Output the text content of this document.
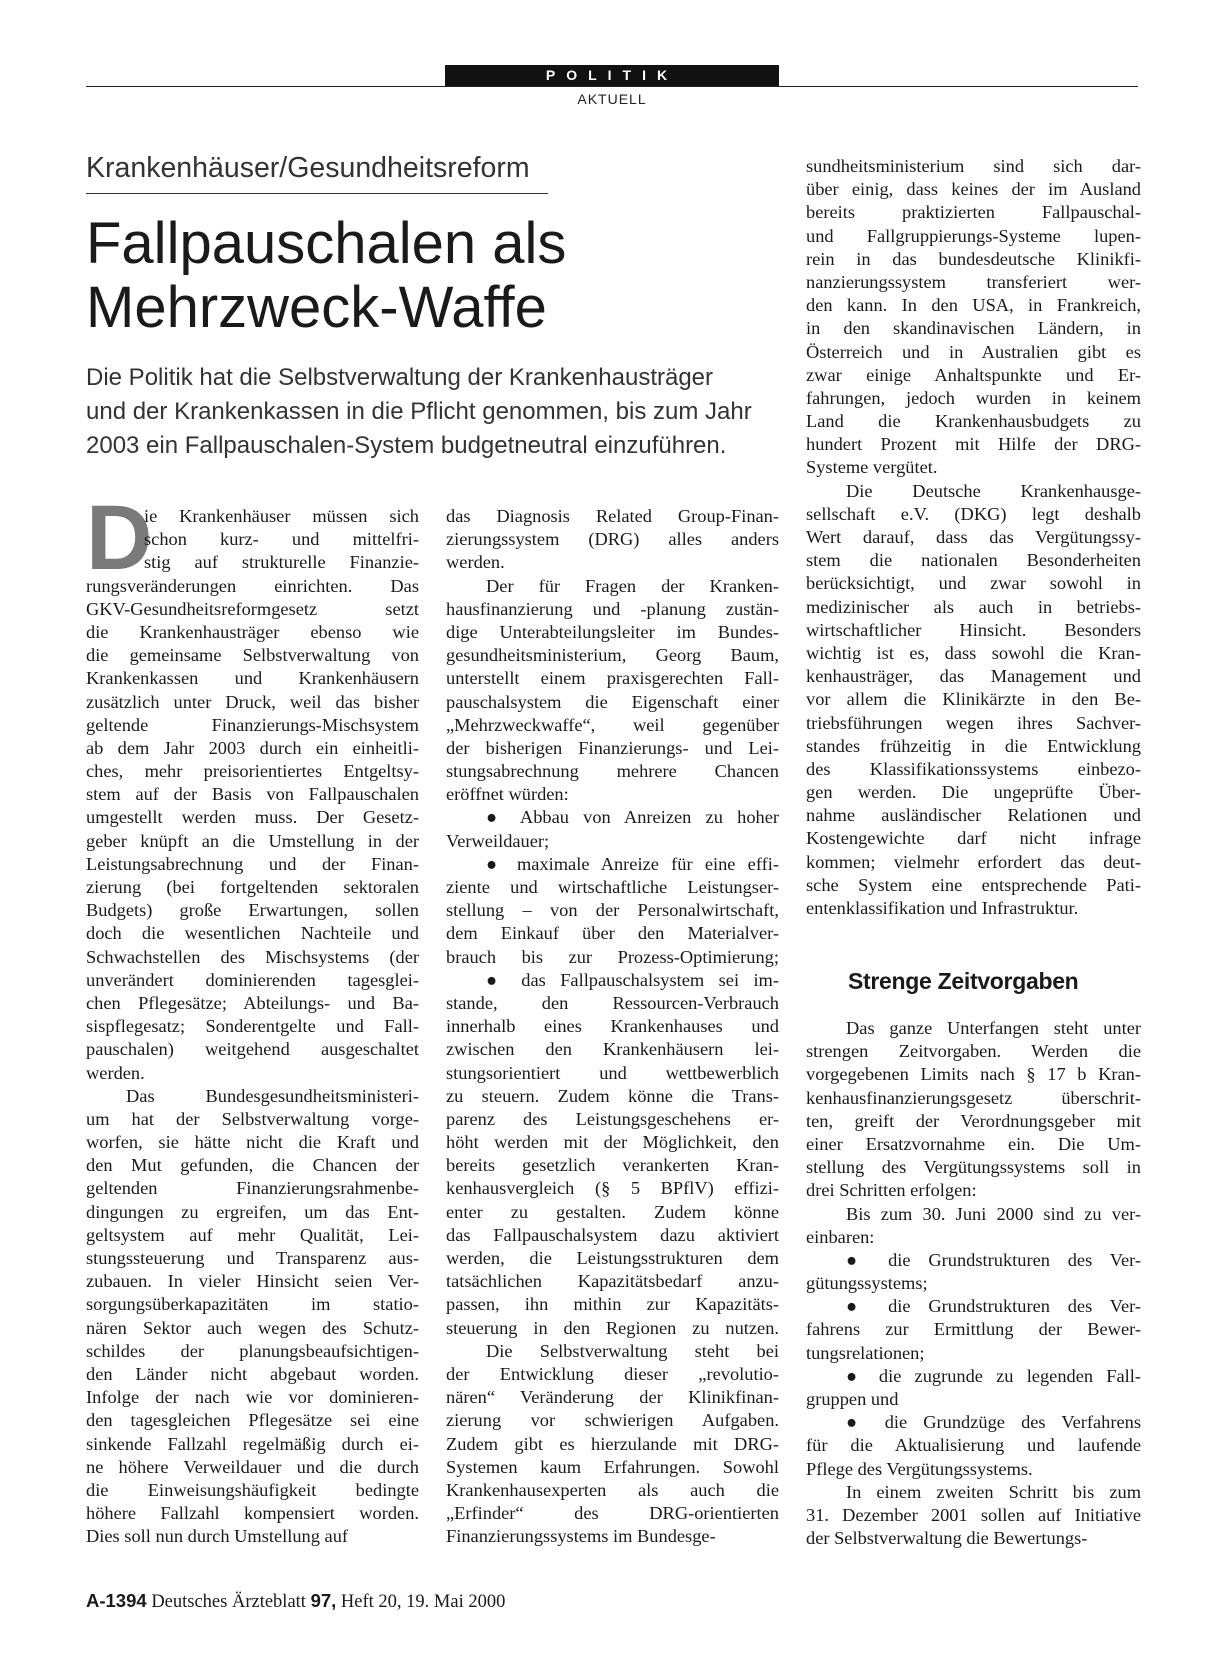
POLITIK
AKTUELL
Krankenhäuser/Gesundheitsreform
Fallpauschalen als
Mehrzweck-Waffe
Die Politik hat die Selbstverwaltung der Krankenhausträger
und der Krankenkassen in die Pflicht genommen, bis zum Jahr
2003 ein Fallpauschalen-System budgetneutral einzuführen.
D
ie Krankenhäuser müssen sich
schon kurz- und mittelfri-
stig auf strukturelle Finanzie-
rungsveränderungen einrichten. Das
GKV-Gesundheitsreformgesetz setzt
die Krankenhausträger ebenso wie
die gemeinsame Selbstverwaltung von
Krankenkassen und Krankenhäusern
zusätzlich unter Druck, weil das bisher
geltende Finanzierungs-Mischsystem
ab dem Jahr 2003 durch ein einheitli-
ches, mehr preisorientiertes Entgeltsy-
stem auf der Basis von Fallpauschalen
umgestellt werden muss. Der Gesetz-
geber knüpft an die Umstellung in der
Leistungsabrechnung und der Finan-
zierung (bei fortgeltenden sektoralen
Budgets) große Erwartungen, sollen
doch die wesentlichen Nachteile und
Schwachstellen des Mischsystems (der
unverändert dominierenden tagesglei-
chen Pflegesätze; Abteilungs- und Ba-
sispflegesatz; Sonderentgelte und Fall-
pauschalen) weitgehend ausgeschaltet
werden.
Das Bundesgesundheitsministeri-
um hat der Selbstverwaltung vorge-
worfen, sie hätte nicht die Kraft und
den Mut gefunden, die Chancen der
geltenden Finanzierungsrahmenbe-
dingungen zu ergreifen, um das Ent-
geltsystem auf mehr Qualität, Lei-
stungssteuerung und Transparenz aus-
zubauen. In vieler Hinsicht seien Ver-
sorgungsüberkapazitäten im statio-
nären Sektor auch wegen des Schutz-
schildes der planungsbeaufsichtigen-
den Länder nicht abgebaut worden.
Infolge der nach wie vor dominieren-
den tagesgleichen Pflegesätze sei eine
sinkende Fallzahl regelmäßig durch ei-
ne höhere Verweildauer und die durch
die Einweisungshäufigkeit bedingte
höhere Fallzahl kompensiert worden.
Dies soll nun durch Umstellung auf
das Diagnosis Related Group-Finan-
zierungssystem (DRG) alles anders
werden.
Der für Fragen der Kranken-
hausfinanzierung und -planung zustän-
dige Unterabteilungsleiter im Bundes-
gesundheitsministerium, Georg Baum,
unterstellt einem praxisgerechten Fall-
pauschalsystem die Eigenschaft einer
„Mehrzweckwaffe“, weil gegenüber
der bisherigen Finanzierungs- und Lei-
stungsabrechnung mehrere Chancen
eröffnet würden:
● Abbau von Anreizen zu hoher
Verweildauer;
● maximale Anreize für eine effi-
ziente und wirtschaftliche Leistungser-
stellung – von der Personalwirtschaft,
dem Einkauf über den Materialver-
brauch bis zur Prozess-Optimierung;
● das Fallpauschalsystem sei im-
stande, den Ressourcen-Verbrauch
innerhalb eines Krankenhauses und
zwischen den Krankenhäusern lei-
stungsorientiert und wettbewerblich
zu steuern. Zudem könne die Trans-
parenz des Leistungsgeschehens er-
höht werden mit der Möglichkeit, den
bereits gesetzlich verankerten Kran-
kenhausvergleich (§ 5 BPflV) effizi-
enter zu gestalten. Zudem könne
das Fallpauschalsystem dazu aktiviert
werden, die Leistungsstrukturen dem
tatsächlichen Kapazitätsbedarf anzu-
passen, ihn mithin zur Kapazitäts-
steuerung in den Regionen zu nutzen.
Die Selbstverwaltung steht bei
der Entwicklung dieser „revolutio-
nären“ Veränderung der Klinikfinan-
zierung vor schwierigen Aufgaben.
Zudem gibt es hierzulande mit DRG-
Systemen kaum Erfahrungen. Sowohl
Krankenhausexperten als auch die
„Erfinder“ des DRG-orientierten
Finanzierungssystems im Bundesge-
sundheitsministerium sind sich dar-
über einig, dass keines der im Ausland
bereits praktizierten Fallpauschal-
und Fallgruppierungs-Systeme lupen-
rein in das bundesdeutsche Klinikfi-
nanzierungssystem transferiert wer-
den kann. In den USA, in Frankreich,
in den skandinavischen Ländern, in
Österreich und in Australien gibt es
zwar einige Anhaltspunkte und Er-
fahrungen, jedoch wurden in keinem
Land die Krankenhausbudgets zu
hundert Prozent mit Hilfe der DRG-
Systeme vergütet.
Die Deutsche Krankenhausge-
sellschaft e.V. (DKG) legt deshalb
Wert darauf, dass das Vergütungssy-
stem die nationalen Besonderheiten
berücksichtigt, und zwar sowohl in
medizinischer als auch in betriebs-
wirtschaftlicher Hinsicht. Besonders
wichtig ist es, dass sowohl die Kran-
kenhausträger, das Management und
vor allem die Klinikärzte in den Be-
triebsführungen wegen ihres Sachver-
standes frühzeitig in die Entwicklung
des Klassifikationssystems einbezo-
gen werden. Die ungeprüfte Über-
nahme ausländischer Relationen und
Kostengewichte darf nicht infrage
kommen; vielmehr erfordert das deut-
sche System eine entsprechende Pati-
entenklassifikation und Infrastruktur.
Strenge Zeitvorgaben
Das ganze Unterfangen steht unter
strengen Zeitvorgaben. Werden die
vorgegebenen Limits nach § 17 b Kran-
kenhausfinanzierungsgesetz überschrit-
ten, greift der Verordnungsgeber mit
einer Ersatzvornahme ein. Die Um-
stellung des Vergütungssystems soll in
drei Schritten erfolgen:
Bis zum 30. Juni 2000 sind zu ver-
einbaren:
● die Grundstrukturen des Ver-
gütungssystems;
● die Grundstrukturen des Ver-
fahrens zur Ermittlung der Bewer-
tungsrelationen;
● die zugrunde zu legenden Fall-
gruppen und
● die Grundzüge des Verfahrens
für die Aktualisierung und laufende
Pflege des Vergütungssystems.
In einem zweiten Schritt bis zum
31. Dezember 2001 sollen auf Initiative
der Selbstverwaltung die Bewertungs-
A-1394 Deutsches Ärzteblatt 97, Heft 20, 19. Mai 2000
